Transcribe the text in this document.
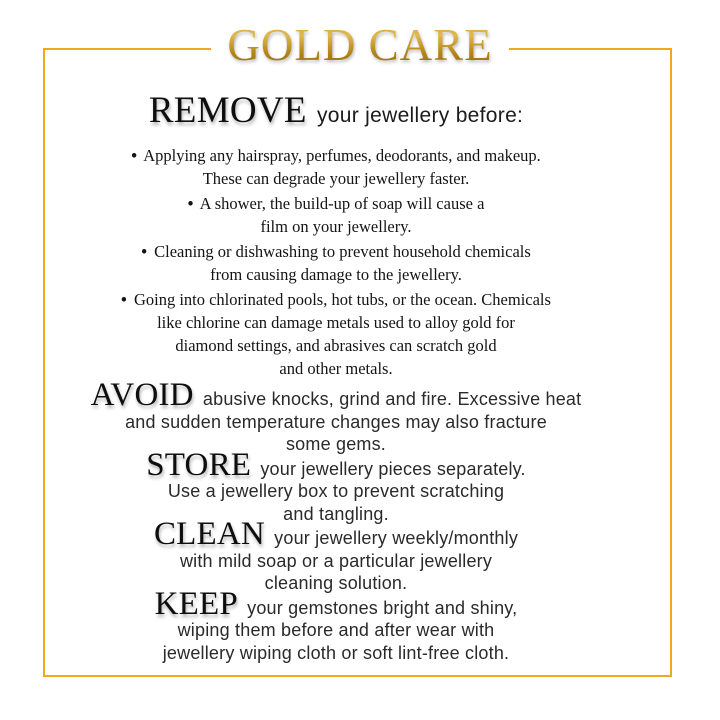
GOLD CARE
REMOVE your jewellery before:

• Applying any hairspray, perfumes, deodorants, and makeup.
These can degrade your jewellery faster.

• A shower, the build-up of soap will cause a
film on your jewellery.

• Cleaning or dishwashing to prevent household chemicals
from causing damage to the jewellery.

• Going into chlorinated pools, hot tubs, or the ocean. Chemicals
like chlorine can damage metals used to alloy gold for
diamond settings, and abrasives can scratch gold
and other metals.

AVOID abusive knocks, grind and fire. Excessive heat
and sudden temperature changes may also fracture
some gems.
STORE your jewellery pieces separately.
Use a jewellery box to prevent scratching
and tangling.
CLEAN your jewellery weekly/monthly
with mild soap or a particular jewellery
cleaning solution.
KEEP your gemstones bright and shiny,
wiping them before and after wear with
jewellery wiping cloth or soft lint-free cloth.
